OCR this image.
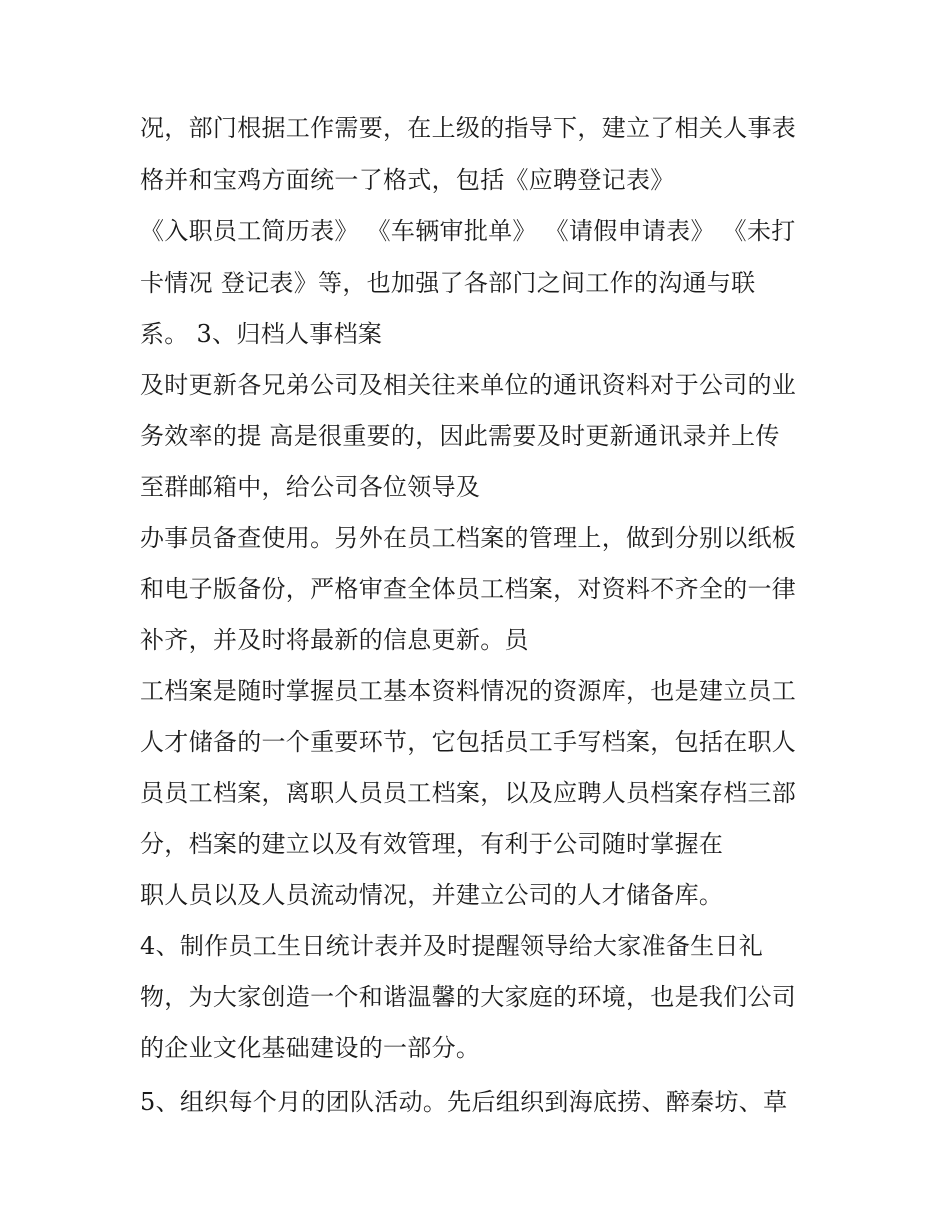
况，部门根据工作需要，在上级的指导下，建立了相关人事表
格并和宝鸡方面统一了格式，包括《应聘登记表》
《入职员工简历表》 《车辆审批单》 《请假申请表》 《未打
卡情况 登记表》等，也加强了各部门之间工作的沟通与联
系。 3、归档人事档案
及时更新各兄弟公司及相关往来单位的通讯资料对于公司的业
务效率的提 高是很重要的，因此需要及时更新通讯录并上传
至群邮箱中，给公司各位领导及
办事员备查使用。另外在员工档案的管理上，做到分别以纸板
和电子版备份，严格审查全体员工档案，对资料不齐全的一律
补齐，并及时将最新的信息更新。员
工档案是随时掌握员工基本资料情况的资源库，也是建立员工
人才储备的一个重要环节，它包括员工手写档案，包括在职人
员员工档案，离职人员员工档案，以及应聘人员档案存档三部
分，档案的建立以及有效管理，有利于公司随时掌握在
职人员以及人员流动情况，并建立公司的人才储备库。
4、制作员工生日统计表并及时提醒领导给大家准备生日礼
物，为大家创造一个和谐温馨的大家庭的环境，也是我们公司
的企业文化基础建设的一部分。
5、组织每个月的团队活动。先后组织到海底捞、醉秦坊、草
